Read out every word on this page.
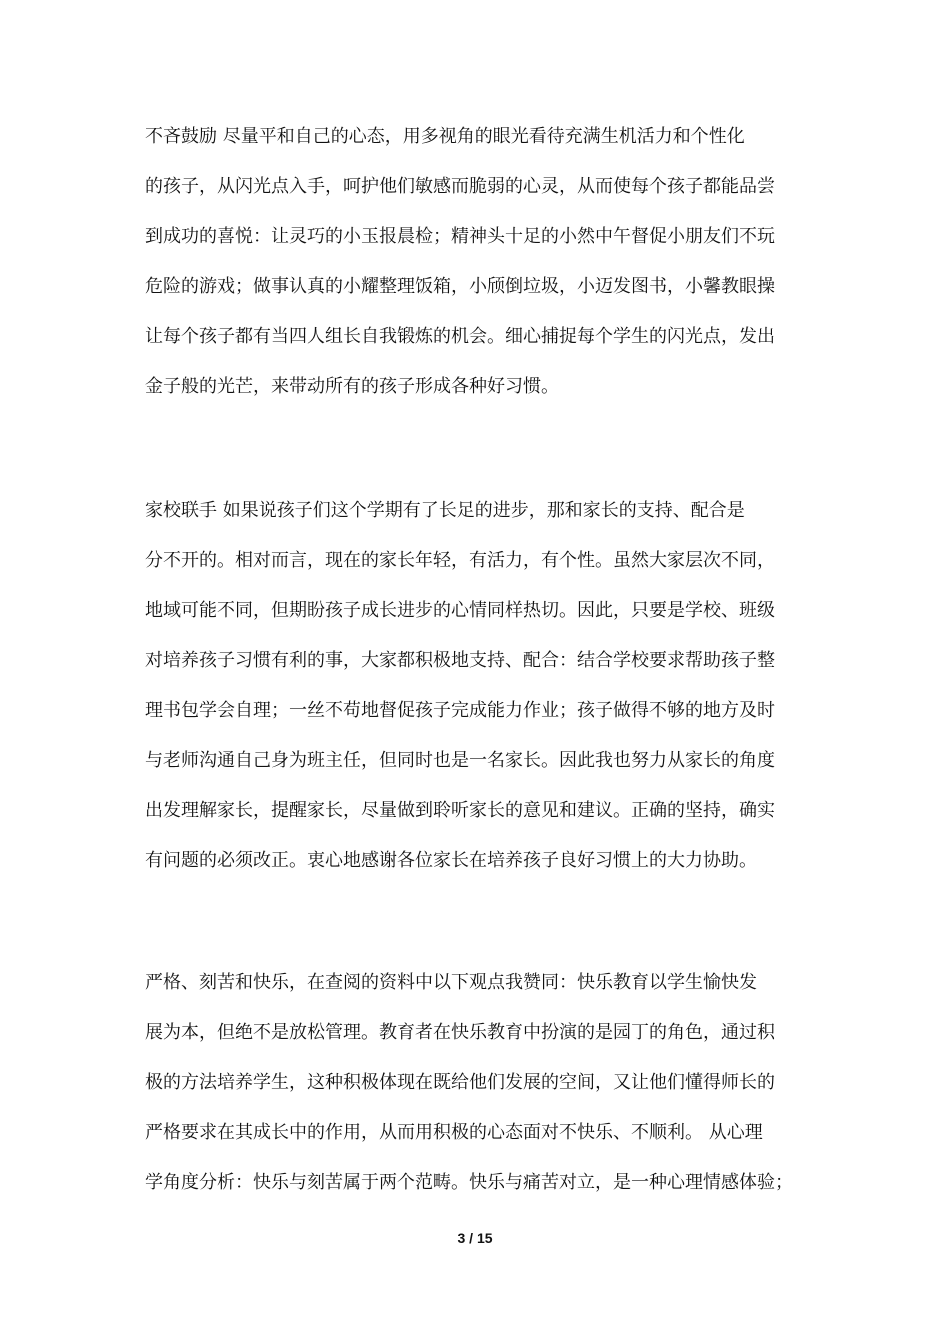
不吝鼓励 尽量平和自己的心态，用多视角的眼光看待充满生机活力和个性化
的孩子，从闪光点入手，呵护他们敏感而脆弱的心灵，从而使每个孩子都能品尝
到成功的喜悦：让灵巧的小玉报晨检；精神头十足的小然中午督促小朋友们不玩
危险的游戏；做事认真的小耀整理饭箱，小颀倒垃圾，小迈发图书，小馨教眼操
让每个孩子都有当四人组长自我锻炼的机会。细心捕捉每个学生的闪光点，发出
金子般的光芒，来带动所有的孩子形成各种好习惯。
家校联手 如果说孩子们这个学期有了长足的进步，那和家长的支持、配合是
分不开的。相对而言，现在的家长年轻，有活力，有个性。虽然大家层次不同，
地域可能不同，但期盼孩子成长进步的心情同样热切。因此，只要是学校、班级
对培养孩子习惯有利的事，大家都积极地支持、配合：结合学校要求帮助孩子整
理书包学会自理；一丝不苟地督促孩子完成能力作业；孩子做得不够的地方及时
与老师沟通自己身为班主任，但同时也是一名家长。因此我也努力从家长的角度
出发理解家长，提醒家长，尽量做到聆听家长的意见和建议。正确的坚持，确实
有问题的必须改正。衷心地感谢各位家长在培养孩子良好习惯上的大力协助。
严格、刻苦和快乐，在查阅的资料中以下观点我赞同：快乐教育以学生愉快发
展为本，但绝不是放松管理。教育者在快乐教育中扮演的是园丁的角色，通过积
极的方法培养学生，这种积极体现在既给他们发展的空间，又让他们懂得师长的
严格要求在其成长中的作用，从而用积极的心态面对不快乐、不顺利。 从心理
学角度分析：快乐与刻苦属于两个范畴。快乐与痛苦对立，是一种心理情感体验；
3 / 15
